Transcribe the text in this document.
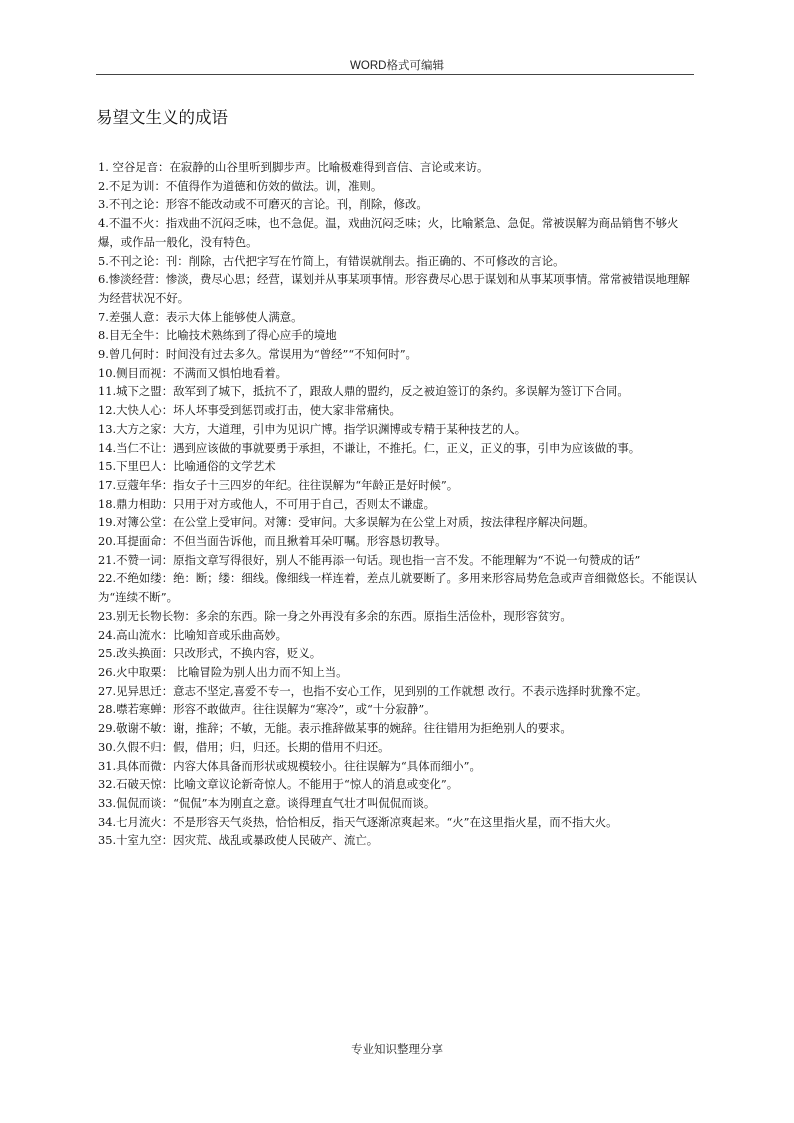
WORD格式可编辑
易望文生义的成语

1. 空谷足音：在寂静的山谷里听到脚步声。比喻极难得到音信、言论或来访。

2.不足为训：不值得作为道德和仿效的做法。训，准则。

3.不刊之论：形容不能改动或不可磨灭的言论。刊，削除，修改。

4.不温不火：指戏曲不沉闷乏味，也不急促。温，戏曲沉闷乏味；火，比喻紧急、急促。常被误解为商品销售不够火爆，或作品一般化，没有特色。

5.不刊之论：刊：削除，古代把字写在竹简上，有错误就削去。指正确的、不可修改的言论。

6.惨淡经营：惨淡，费尽心思；经营，谋划并从事某项事情。形容费尽心思于谋划和从事某项事情。常常被错误地理解为经营状况不好。

7.差强人意：表示大体上能够使人满意。

8.目无全牛：比喻技术熟练到了得心应手的境地

9.曾几何时：时间没有过去多久。常误用为“曾经”“不知何时”。

10.侧目而视：不满而又惧怕地看着。

11.城下之盟：敌军到了城下，抵抗不了，跟敌人鼎的盟约，反之被迫签订的条约。多误解为签订下合同。

12.大快人心：坏人坏事受到惩罚或打击，使大家非常痛快。

13.大方之家：大方，大道理，引申为见识广博。指学识渊博或专精于某种技艺的人。

14.当仁不让：遇到应该做的事就要勇于承担，不谦让，不推托。仁，正义，正义的事，引申为应该做的事。

15.下里巴人：比喻通俗的文学艺术

17.豆蔻年华：指女子十三四岁的年纪。往往误解为“年龄正是好时候”。

18.鼎力相助：只用于对方或他人，不可用于自己，否则太不谦虚。

19.对簿公堂：在公堂上受审问。对簿：受审问。大多误解为在公堂上对质，按法律程序解决问题。

20.耳提面命：不但当面告诉他，而且揪着耳朵叮嘱。形容恳切教导。

21.不赞一词：原指文章写得很好，别人不能再添一句话。现也指一言不发。不能理解为“不说一句赞成的话”

22.不绝如缕：绝：断；缕：细线。像细线一样连着，差点儿就要断了。多用来形容局势危急或声音细微悠长。不能误认为“连续不断”。

23.别无长物长物：多余的东西。除一身之外再没有多余的东西。原指生活俭朴，现形容贫穷。

24.高山流水：比喻知音或乐曲高妙。

25.改头换面：只改形式，不换内容，贬义。

26.火中取栗： 比喻冒险为别人出力而不知上当。

27.见异思迁：意志不坚定,喜爱不专一，也指不安心工作，见到别的工作就想 改行。不表示选择时犹豫不定。

28.噤若寒蝉：形容不敢做声。往往误解为“寒冷”，或“十分寂静”。

29.敬谢不敏：谢，推辞；不敏，无能。表示推辞做某事的婉辞。往往错用为拒绝别人的要求。

30.久假不归：假，借用；归，归还。长期的借用不归还。

31.具体而微：内容大体具备而形状或规模较小。往往误解为“具体而细小”。

32.石破天惊：比喻文章议论新奇惊人。不能用于“惊人的消息或变化”。

33.侃侃而谈：“侃侃”本为刚直之意。谈得理直气壮才叫侃侃而谈。

34.七月流火：不是形容天气炎热，恰恰相反，指天气逐渐凉爽起来。“火”在这里指火星，而不指大火。

35.十室九空：因灾荒、战乱或暴政使人民破产、流亡。

专业知识整理分享
